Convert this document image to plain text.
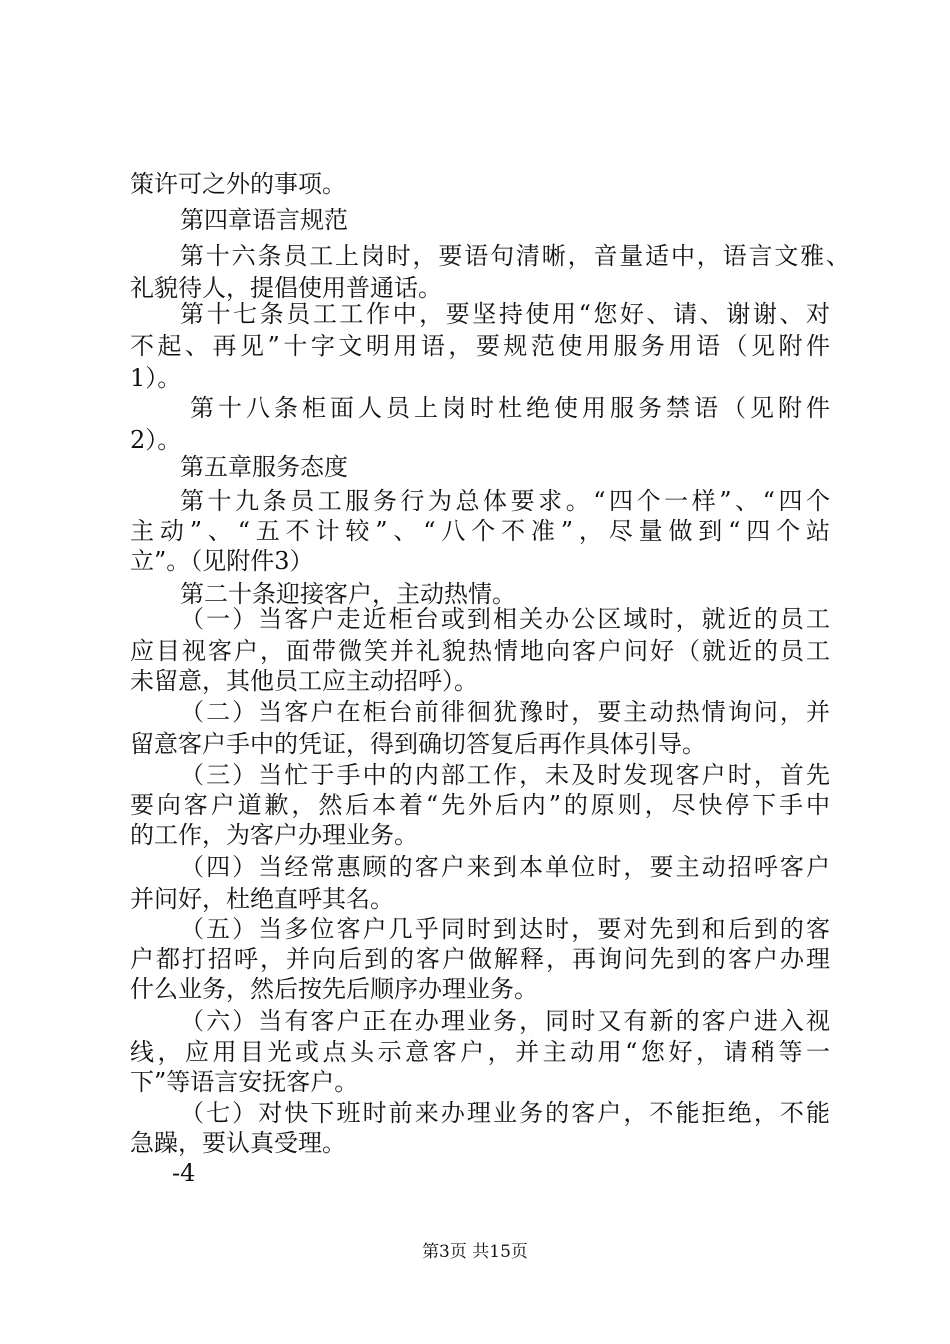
策许可之外的事项。
第四章语言规范
第十六条员工上岗时，要语句清晰，音量适中，语言文雅、
礼貌待人，提倡使用普通话。
第十七条员工工作中，要坚持使用“您好、请、谢谢、对
不起、再见”十字文明用语，要规范使用服务用语（见附件
1）。
第十八条柜面人员上岗时杜绝使用服务禁语（见附件
2）。
第五章服务态度
第十九条员工服务行为总体要求。“四个一样”、“四个
主动”、“五不计较”、“八个不准”，尽量做到“四个站
立”。（见附件3）
第二十条迎接客户，主动热情。
（一）当客户走近柜台或到相关办公区域时，就近的员工
应目视客户，面带微笑并礼貌热情地向客户问好（就近的员工
未留意，其他员工应主动招呼）。
（二）当客户在柜台前徘徊犹豫时，要主动热情询问，并
留意客户手中的凭证，得到确切答复后再作具体引导。
（三）当忙于手中的内部工作，未及时发现客户时，首先
要向客户道歉，然后本着“先外后内”的原则，尽快停下手中
的工作，为客户办理业务。
（四）当经常惠顾的客户来到本单位时，要主动招呼客户
并问好，杜绝直呼其名。
（五）当多位客户几乎同时到达时，要对先到和后到的客
户都打招呼，并向后到的客户做解释，再询问先到的客户办理
什么业务，然后按先后顺序办理业务。
（六）当有客户正在办理业务，同时又有新的客户进入视
线，应用目光或点头示意客户，并主动用“您好，请稍等一
下”等语言安抚客户。
（七）对快下班时前来办理业务的客户，不能拒绝，不能
急躁，要认真受理。
-4
第3页 共15页
